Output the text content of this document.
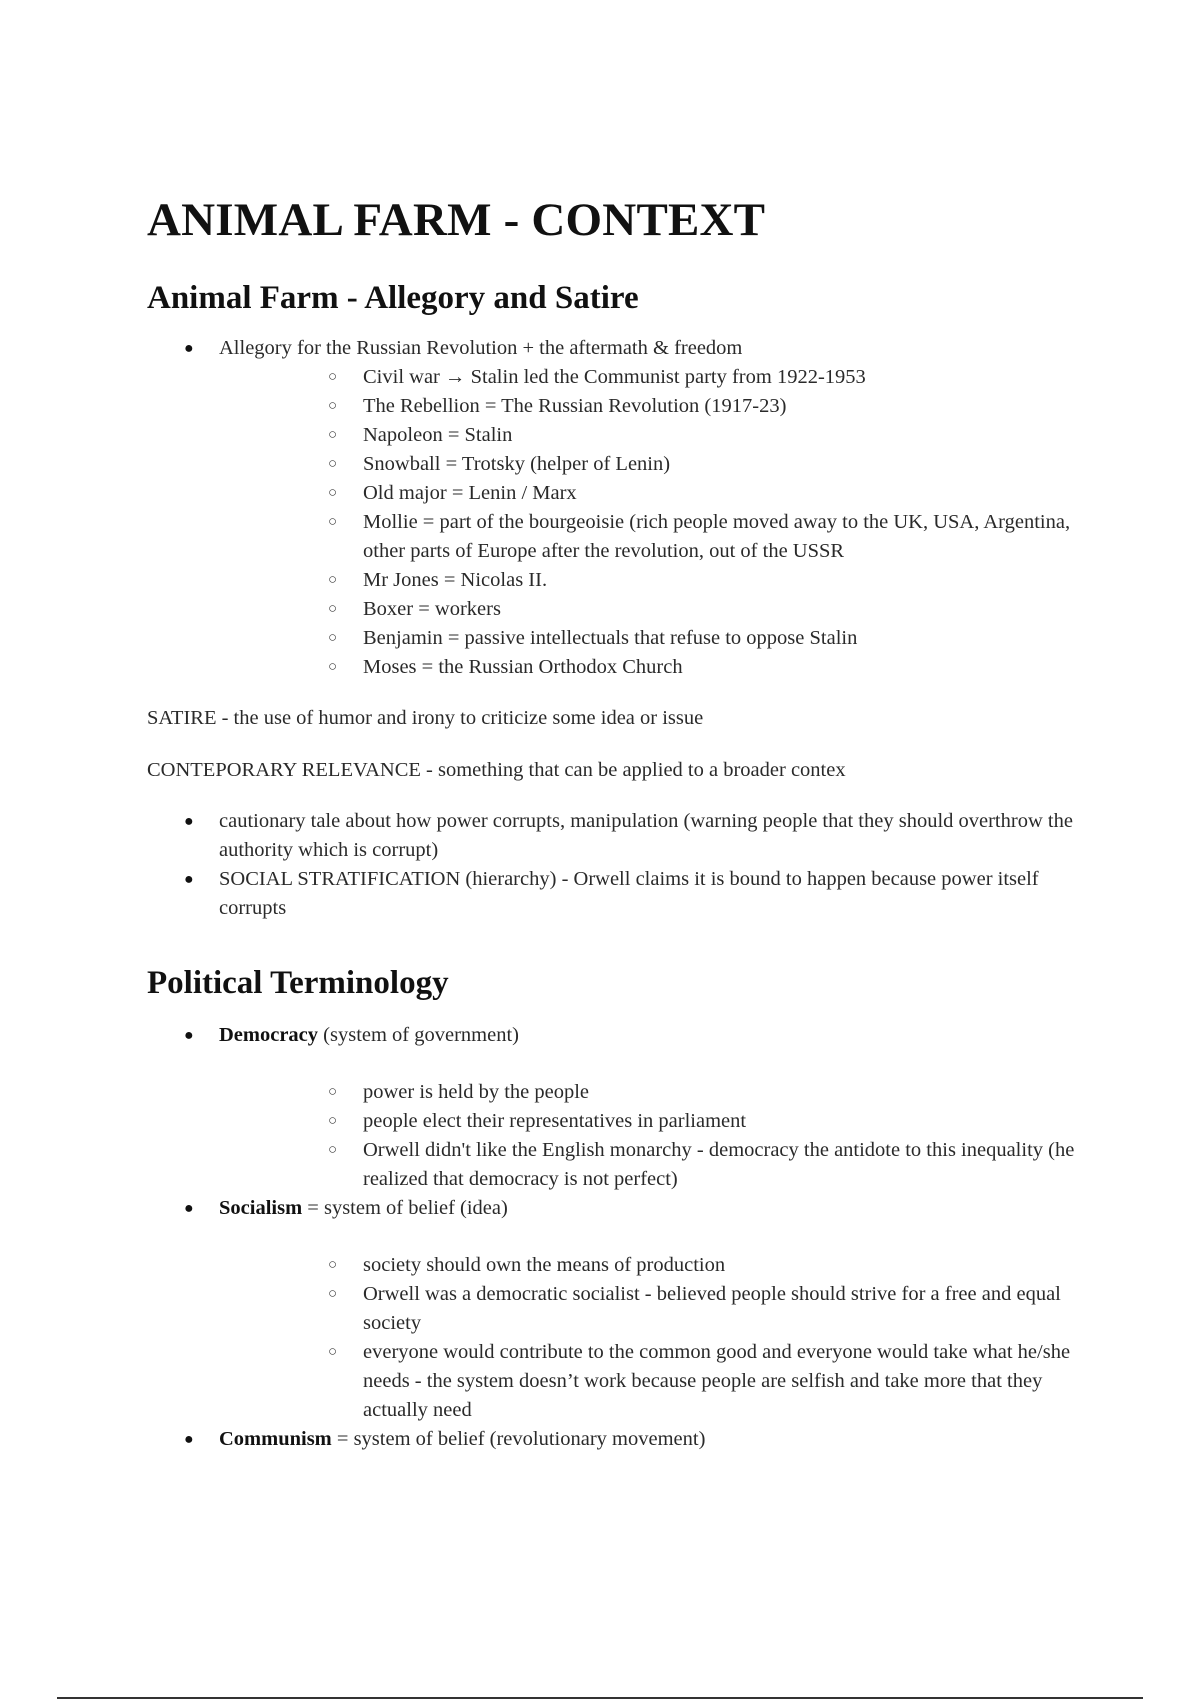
ANIMAL FARM - CONTEXT
Animal Farm - Allegory and Satire
● Allegory for the Russian Revolution + the aftermath & freedom
○ Civil war → Stalin led the Communist party from 1922-1953
○ The Rebellion = The Russian Revolution (1917-23)
○ Napoleon = Stalin
○ Snowball = Trotsky (helper of Lenin)
○ Old major = Lenin / Marx
○ Mollie = part of the bourgeoisie (rich people moved away to the UK, USA, Argentina, other parts of Europe after the revolution, out of the USSR
○ Mr Jones = Nicolas II.
○ Boxer = workers
○ Benjamin = passive intellectuals that refuse to oppose Stalin
○ Moses = the Russian Orthodox Church

SATIRE - the use of humor and irony to criticize some idea or issue

CONTEPORARY RELEVANCE - something that can be applied to a broader contex

● cautionary tale about how power corrupts, manipulation (warning people that they should overthrow the authority which is corrupt)
● SOCIAL STRATIFICATION (hierarchy) - Orwell claims it is bound to happen because power itself corrupts
Political Terminology
● Democracy (system of government)
○ power is held by the people
○ people elect their representatives in parliament
○ Orwell didn't like the English monarchy - democracy the antidote to this inequality (he realized that democracy is not perfect)
● Socialism = system of belief (idea)
○ society should own the means of production
○ Orwell was a democratic socialist - believed people should strive for a free and equal society
○ everyone would contribute to the common good and everyone would take what he/she needs - the system doesn’t work because people are selfish and take more that they actually need
● Communism = system of belief (revolutionary movement)
